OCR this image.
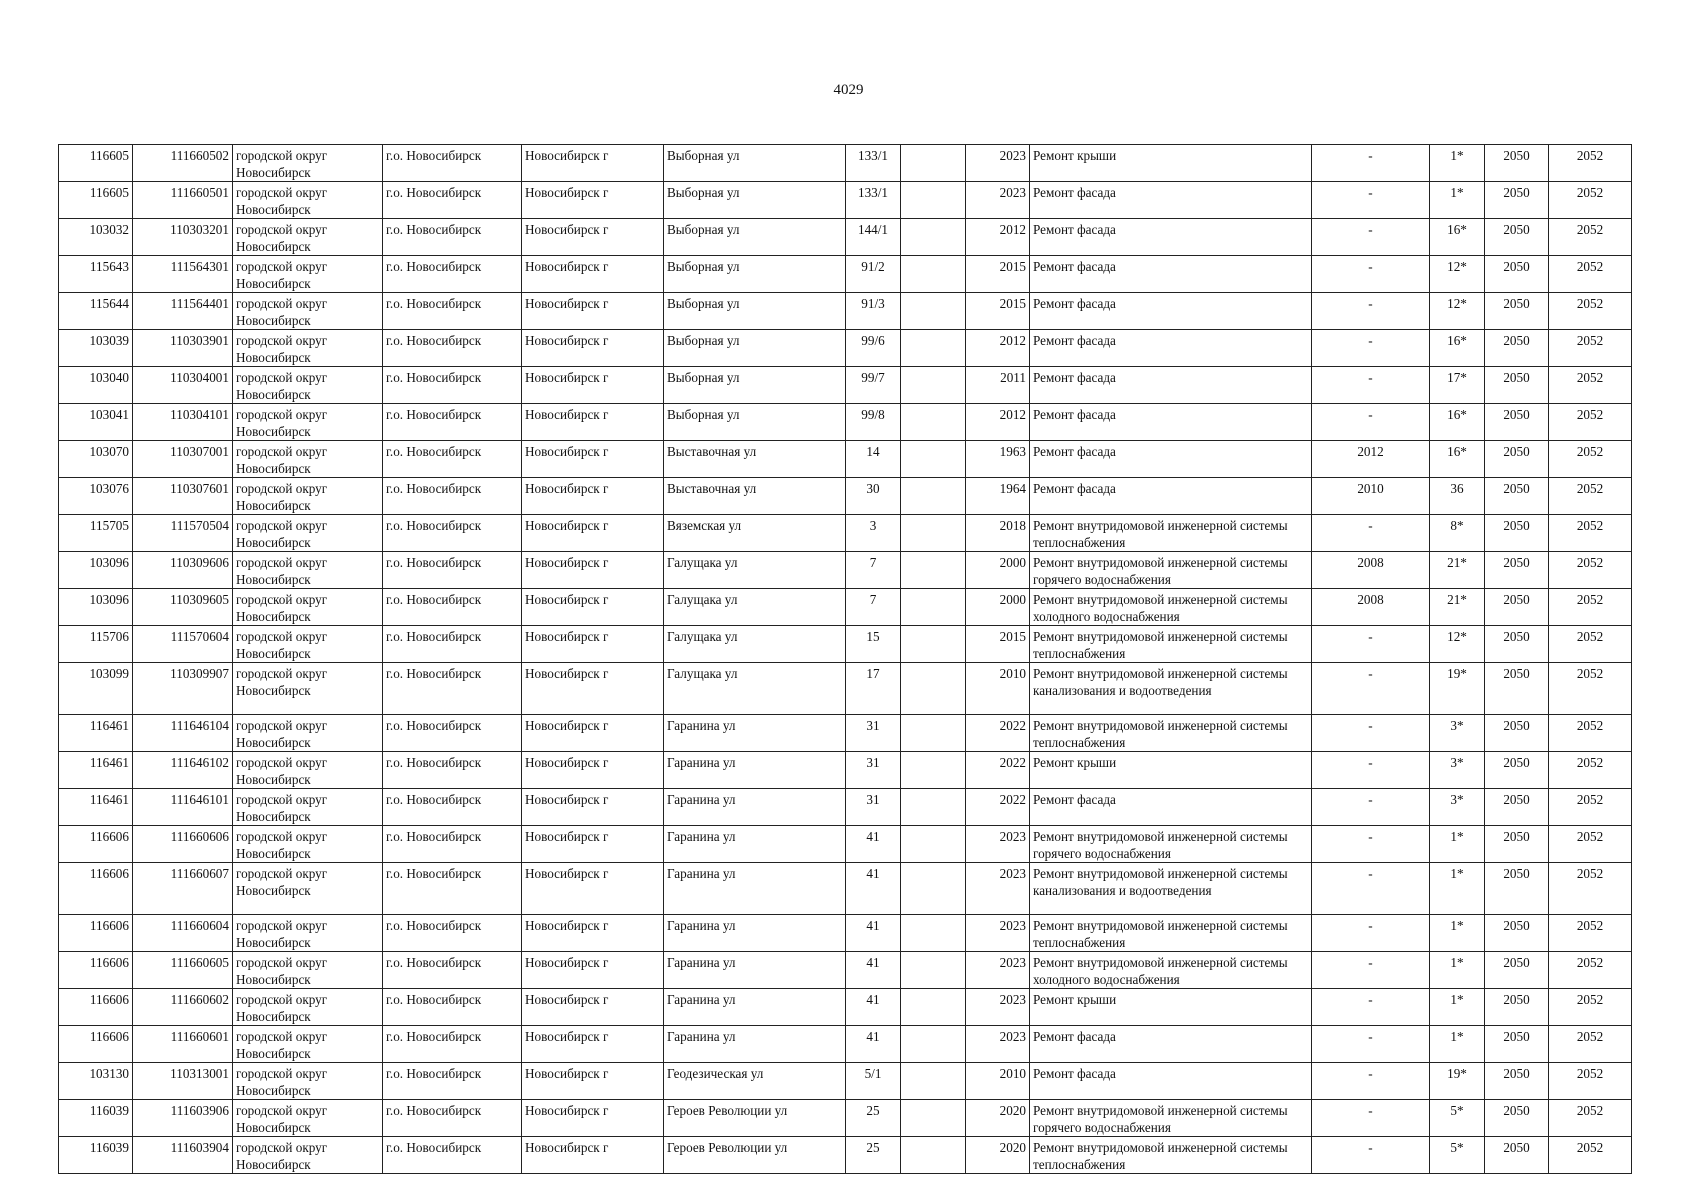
4029
116605	111660502	городской округ Новосибирск	г.о. Новосибирск	Новосибирск г	Выборная ул	133/1		2023	Ремонт крыши	-	1*	2050	2052
116605	111660501	городской округ Новосибирск	г.о. Новосибирск	Новосибирск г	Выборная ул	133/1		2023	Ремонт фасада	-	1*	2050	2052
103032	110303201	городской округ Новосибирск	г.о. Новосибирск	Новосибирск г	Выборная ул	144/1		2012	Ремонт фасада	-	16*	2050	2052
115643	111564301	городской округ Новосибирск	г.о. Новосибирск	Новосибирск г	Выборная ул	91/2		2015	Ремонт фасада	-	12*	2050	2052
115644	111564401	городской округ Новосибирск	г.о. Новосибирск	Новосибирск г	Выборная ул	91/3		2015	Ремонт фасада	-	12*	2050	2052
103039	110303901	городской округ Новосибирск	г.о. Новосибирск	Новосибирск г	Выборная ул	99/6		2012	Ремонт фасада	-	16*	2050	2052
103040	110304001	городской округ Новосибирск	г.о. Новосибирск	Новосибирск г	Выборная ул	99/7		2011	Ремонт фасада	-	17*	2050	2052
103041	110304101	городской округ Новосибирск	г.о. Новосибирск	Новосибирск г	Выборная ул	99/8		2012	Ремонт фасада	-	16*	2050	2052
103070	110307001	городской округ Новосибирск	г.о. Новосибирск	Новосибирск г	Выставочная ул	14		1963	Ремонт фасада	2012	16*	2050	2052
103076	110307601	городской округ Новосибирск	г.о. Новосибирск	Новосибирск г	Выставочная ул	30		1964	Ремонт фасада	2010	36	2050	2052
115705	111570504	городской округ Новосибирск	г.о. Новосибирск	Новосибирск г	Вяземская ул	3		2018	Ремонт внутридомовой инженерной системы теплоснабжения	-	8*	2050	2052
103096	110309606	городской округ Новосибирск	г.о. Новосибирск	Новосибирск г	Галущака ул	7		2000	Ремонт внутридомовой инженерной системы горячего водоснабжения	2008	21*	2050	2052
103096	110309605	городской округ Новосибирск	г.о. Новосибирск	Новосибирск г	Галущака ул	7		2000	Ремонт внутридомовой инженерной системы холодного водоснабжения	2008	21*	2050	2052
115706	111570604	городской округ Новосибирск	г.о. Новосибирск	Новосибирск г	Галущака ул	15		2015	Ремонт внутридомовой инженерной системы теплоснабжения	-	12*	2050	2052
103099	110309907	городской округ Новосибирск	г.о. Новосибирск	Новосибирск г	Галущака ул	17		2010	Ремонт внутридомовой инженерной системы канализования и водоотведения	-	19*	2050	2052
116461	111646104	городской округ Новосибирск	г.о. Новосибирск	Новосибирск г	Гаранина ул	31		2022	Ремонт внутридомовой инженерной системы теплоснабжения	-	3*	2050	2052
116461	111646102	городской округ Новосибирск	г.о. Новосибирск	Новосибирск г	Гаранина ул	31		2022	Ремонт крыши	-	3*	2050	2052
116461	111646101	городской округ Новосибирск	г.о. Новосибирск	Новосибирск г	Гаранина ул	31		2022	Ремонт фасада	-	3*	2050	2052
116606	111660606	городской округ Новосибирск	г.о. Новосибирск	Новосибирск г	Гаранина ул	41		2023	Ремонт внутридомовой инженерной системы горячего водоснабжения	-	1*	2050	2052
116606	111660607	городской округ Новосибирск	г.о. Новосибирск	Новосибирск г	Гаранина ул	41		2023	Ремонт внутридомовой инженерной системы канализования и водоотведения	-	1*	2050	2052
116606	111660604	городской округ Новосибирск	г.о. Новосибирск	Новосибирск г	Гаранина ул	41		2023	Ремонт внутридомовой инженерной системы теплоснабжения	-	1*	2050	2052
116606	111660605	городской округ Новосибирск	г.о. Новосибирск	Новосибирск г	Гаранина ул	41		2023	Ремонт внутридомовой инженерной системы холодного водоснабжения	-	1*	2050	2052
116606	111660602	городской округ Новосибирск	г.о. Новосибирск	Новосибирск г	Гаранина ул	41		2023	Ремонт крыши	-	1*	2050	2052
116606	111660601	городской округ Новосибирск	г.о. Новосибирск	Новосибирск г	Гаранина ул	41		2023	Ремонт фасада	-	1*	2050	2052
103130	110313001	городской округ Новосибирск	г.о. Новосибирск	Новосибирск г	Геодезическая ул	5/1		2010	Ремонт фасада	-	19*	2050	2052
116039	111603906	городской округ Новосибирск	г.о. Новосибирск	Новосибирск г	Героев Революции ул	25		2020	Ремонт внутридомовой инженерной системы горячего водоснабжения	-	5*	2050	2052
116039	111603904	городской округ Новосибирск	г.о. Новосибирск	Новосибирск г	Героев Революции ул	25		2020	Ремонт внутридомовой инженерной системы теплоснабжения	-	5*	2050	2052
